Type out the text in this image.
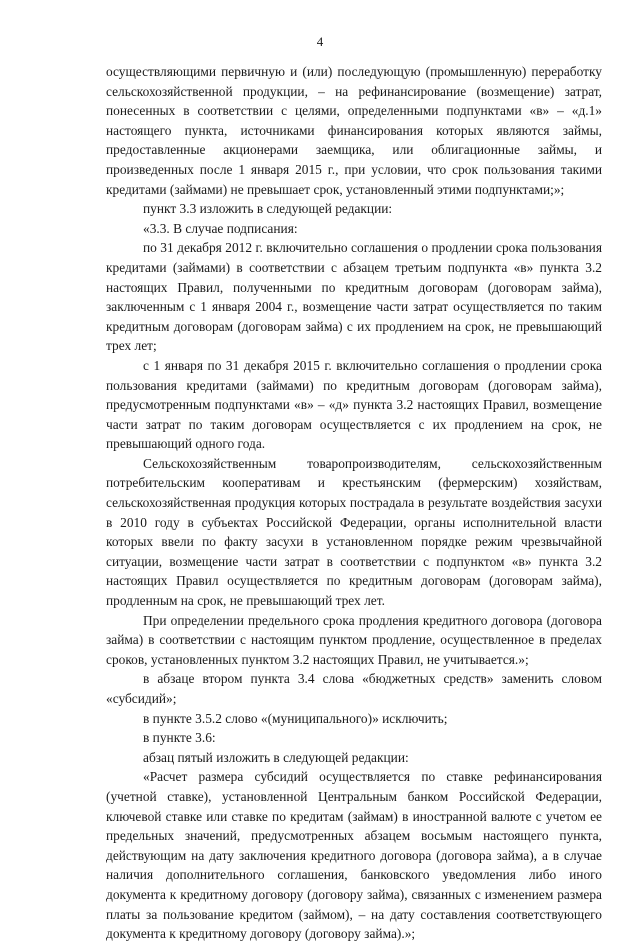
4

осуществляющими первичную и (или) последующую (промышленную) переработку сельскохозяйственной продукции, – на рефинансирование (возмещение) затрат, понесенных в соответствии с целями, определенными подпунктами «в» – «д.1» настоящего пункта, источниками финансирования которых являются займы, предоставленные акционерами заемщика, или облигационные займы, и произведенных после 1 января 2015 г., при условии, что срок пользования такими кредитами (займами) не превышает срок, установленный этими подпунктами;»;

пункт 3.3 изложить в следующей редакции:

«3.3. В случае подписания:

по 31 декабря 2012 г. включительно соглашения о продлении срока пользования кредитами (займами) в соответствии с абзацем третьим подпункта «в» пункта 3.2 настоящих Правил, полученными по кредитным договорам (договорам займа), заключенным с 1 января 2004 г., возмещение части затрат осуществляется по таким кредитным договорам (договорам займа) с их продлением на срок, не превышающий трех лет;

с 1 января по 31 декабря 2015 г. включительно соглашения о продлении срока пользования кредитами (займами) по кредитным договорам (договорам займа), предусмотренным подпунктами «в» – «д» пункта 3.2 настоящих Правил, возмещение части затрат по таким договорам осуществляется с их продлением на срок, не превышающий одного года.

Сельскохозяйственным товаропроизводителям, сельскохозяйственным потребительским кооперативам и крестьянским (фермерским) хозяйствам, сельскохозяйственная продукция которых пострадала в результате воздействия засухи в 2010 году в субъектах Российской Федерации, органы исполнительной власти которых ввели по факту засухи в установленном порядке режим чрезвычайной ситуации, возмещение части затрат в соответствии с подпунктом «в» пункта 3.2 настоящих Правил осуществляется по кредитным договорам (договорам займа), продленным на срок, не превышающий трех лет.

При определении предельного срока продления кредитного договора (договора займа) в соответствии с настоящим пунктом продление, осуществленное в пределах сроков, установленных пунктом 3.2 настоящих Правил, не учитывается.»;

в абзаце втором пункта 3.4 слова «бюджетных средств» заменить словом «субсидий»;

в пункте 3.5.2 слово «(муниципального)» исключить;

в пункте 3.6:

абзац пятый изложить в следующей редакции:

«Расчет размера субсидий осуществляется по ставке рефинансирования (учетной ставке), установленной Центральным банком Российской Федерации, ключевой ставке или ставке по кредитам (займам) в иностранной валюте с учетом ее предельных значений, предусмотренных абзацем восьмым настоящего пункта, действующим на дату заключения кредитного договора (договора займа), а в случае наличия дополнительного соглашения, банковского уведомления либо иного документа к кредитному договору (договору займа), связанных с изменением размера платы за пользование кредитом (займом), – на дату составления соответствующего документа к кредитному договору (договору займа).»;
